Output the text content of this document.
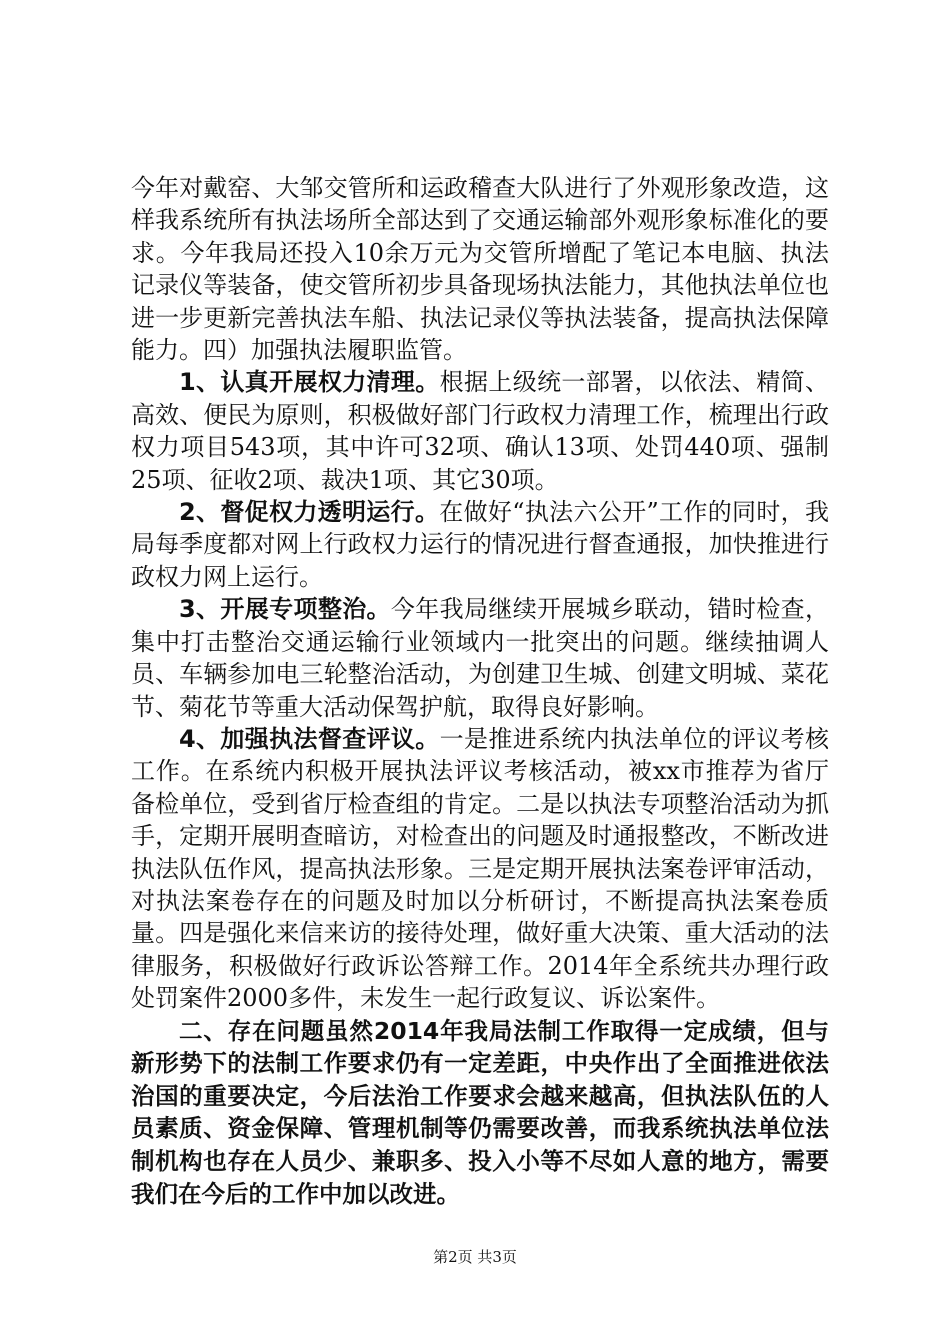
今年对戴窑、大邹交管所和运政稽查大队进行了外观形象改造，这样我系统所有执法场所全部达到了交通运输部外观形象标准化的要求。今年我局还投入10余万元为交管所增配了笔记本电脑、执法记录仪等装备，使交管所初步具备现场执法能力，其他执法单位也进一步更新完善执法车船、执法记录仪等执法装备，提高执法保障能力。四）加强执法履职监管。

1、认真开展权力清理。根据上级统一部署，以依法、精简、高效、便民为原则，积极做好部门行政权力清理工作，梳理出行政权力项目543项，其中许可32项、确认13项、处罚440项、强制25项、征收2项、裁决1项、其它30项。

2、督促权力透明运行。在做好“执法六公开”工作的同时，我局每季度都对网上行政权力运行的情况进行督查通报，加快推进行政权力网上运行。

3、开展专项整治。今年我局继续开展城乡联动，错时检查，集中打击整治交通运输行业领域内一批突出的问题。继续抽调人员、车辆参加电三轮整治活动，为创建卫生城、创建文明城、菜花节、菊花节等重大活动保驾护航，取得良好影响。

4、加强执法督查评议。一是推进系统内执法单位的评议考核工作。在系统内积极开展执法评议考核活动，被xx市推荐为省厅备检单位，受到省厅检查组的肯定。二是以执法专项整治活动为抓手，定期开展明查暗访，对检查出的问题及时通报整改，不断改进执法队伍作风，提高执法形象。三是定期开展执法案卷评审活动，对执法案卷存在的问题及时加以分析研讨，不断提高执法案卷质量。四是强化来信来访的接待处理，做好重大决策、重大活动的法律服务，积极做好行政诉讼答辩工作。2014年全系统共办理行政处罚案件2000多件，未发生一起行政复议、诉讼案件。

二、存在问题虽然2014年我局法制工作取得一定成绩，但与新形势下的法制工作要求仍有一定差距，中央作出了全面推进依法治国的重要决定，今后法治工作要求会越来越高，但执法队伍的人员素质、资金保障、管理机制等仍需要改善，而我系统执法单位法制机构也存在人员少、兼职多、投入小等不尽如人意的地方，需要我们在今后的工作中加以改进。

第2页 共3页
